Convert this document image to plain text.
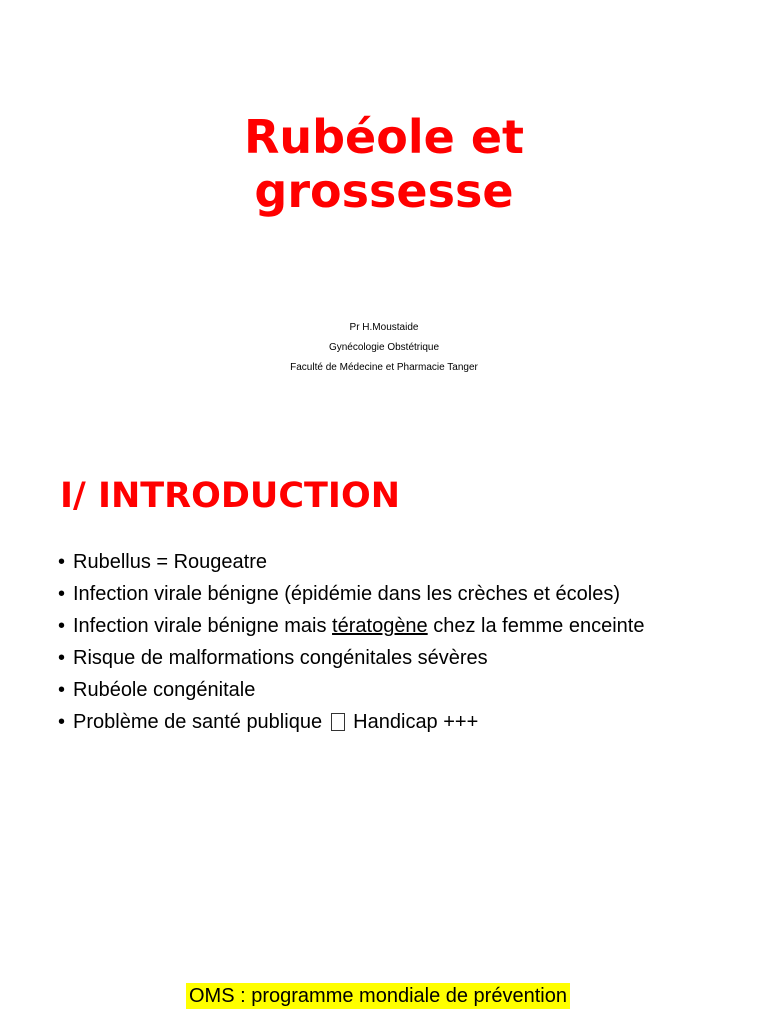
Rubéole et
grossesse
Pr H.Moustaide
Gynécologie Obstétrique
Faculté de Médecine et Pharmacie Tanger
I/ INTRODUCTION
• Rubellus = Rougeatre
• Infection virale bénigne (épidémie dans les crèches et écoles)
• Infection virale bénigne mais tératogène chez la femme enceinte
• Risque de malformations congénitales sévères
• Rubéole congénitale
• Problème de santé publique  Handicap +++

OMS : programme mondiale de prévention
